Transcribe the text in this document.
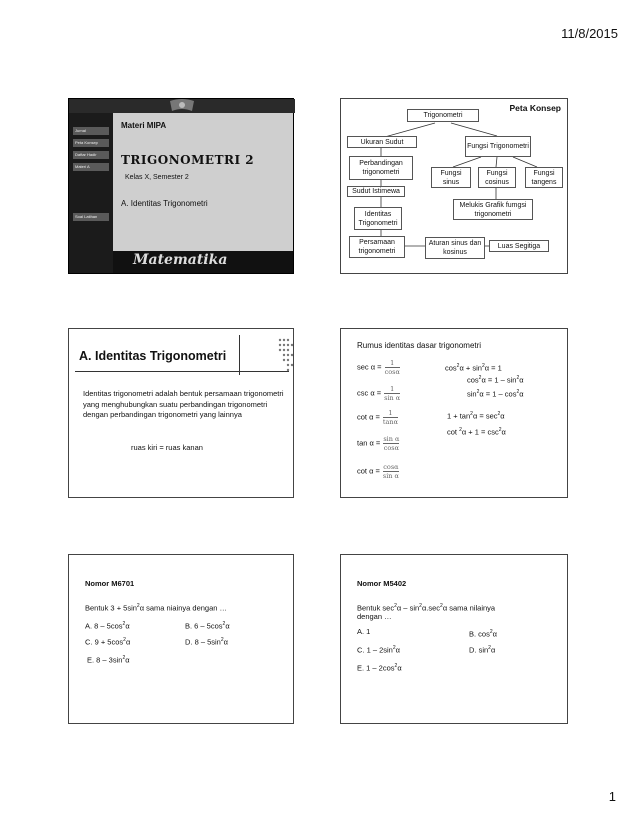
11/8/2015
Jurnal
Peta Konsep
Daftar Hadir
Materi A
Soal Latihan
Materi MIPA
TRIGONOMETRI 2
Kelas X, Semester 2
A. Identitas Trigonometri
Matematika
Peta Konsep
Trigonometri
Ukuran Sudut
Fungsi Trigonometri
Perbandingan trigonometri	Fungsi sinus
Fungsi cosinus
Fungsi tangens
Sudut Istimewa
Melukis Grafik fumgsi trigonometri
Identitas Trigonometri
Persamaan trigonometri
Aturan sinus dan kosinus
Luas Segitiga
A. Identitas Trigonometri
Identitas trigonometri adalah bentuk persamaan trigonometri yang menghubungkan suatu perbandingan trigonometri dengan perbandingan trigonometri yang lainnya
ruas kiri = ruas kanan
Rumus identitas dasar trigonometri
$\sec \alpha = \frac{1}{\cos\alpha}$
$\csc \alpha = \frac{1}{\text{sin α}}$
$\cot \alpha = \frac{1}{\tan\alpha}$
$\tan \alpha = \frac{\text{sin α}}{\cos\alpha}$
$\cot \alpha = \frac{\cos\alpha}{\text{sin α}}$
$\cos^2\alpha + \sin^2\alpha = 1$
$\cos^2\alpha = 1 - \sin^2\alpha$
$\sin^2\alpha = 1 - \cos^2\alpha$
$1 + \tan^2\alpha = \sec^2\alpha$
$\cot ^2\alpha + 1 = \csc^2\alpha$
Nomor M6701
Bentuk $3 + 5\sin^2\alpha$ sama niainya dengan …
A. $8 - 5\cos^2\alpha$	B. $6 - 5\cos^2\alpha$
C. $9 + 5\cos^2\alpha$	D. $8 - 5\sin^2\alpha$
E. $8 - 3\sin^2\alpha$
Nomor M5402
Bentuk $\sec^2\alpha - \sin^2\alpha.\sec^2\alpha$ sama nilainya
dengan …
A. 1	B. $\cos^2\alpha$
C. $1 - 2\sin^2\alpha$	D. $\sin^2\alpha$
E. $1 - 2\cos^2\alpha$
1
